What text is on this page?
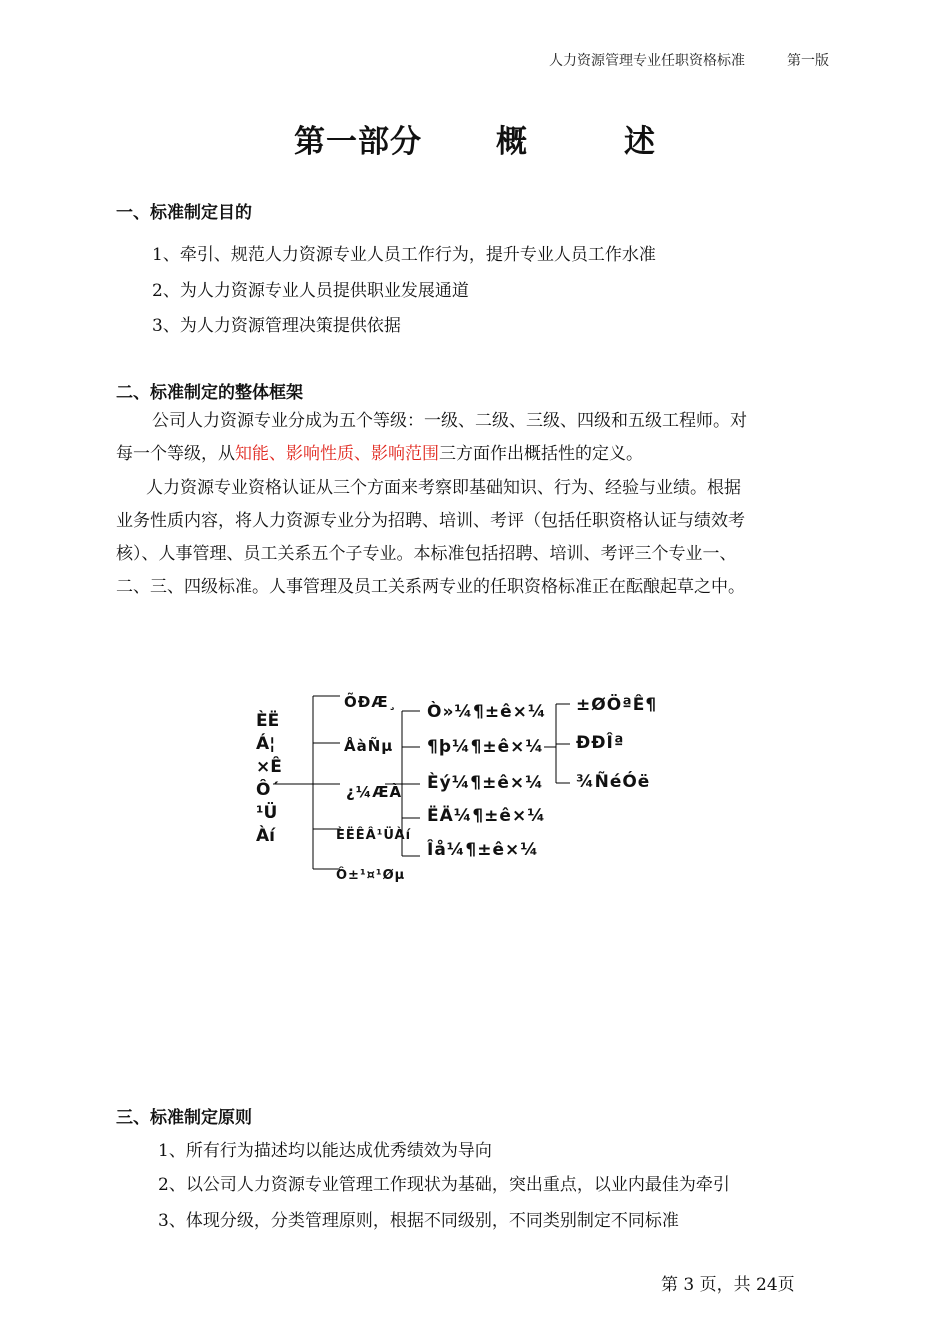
人力资源管理专业任职资格标准	第一版
第一部分 概	述
一、标准制定目的
1、牵引、规范人力资源专业人员工作行为，提升专业人员工作水准
2、为人力资源专业人员提供职业发展通道
3、为人力资源管理决策提供依据
二、标准制定的整体框架
公司人力资源专业分成为五个等级：一级、二级、三级、四级和五级工程师。对
每一个等级，从知能、影响性质、影响范围三方面作出概括性的定义。
人力资源专业资格认证从三个方面来考察即基础知识、行为、经验与业绩。根据
业务性质内容，将人力资源专业分为招聘、培训、考评（包括任职资格认证与绩效考
核）、人事管理、员工关系五个子专业。本标准包括招聘、培训、考评三个专业一、
二、三、四级标准。人事管理及员工关系两专业的任职资格标准正在酝酿起草之中。
ÈË
Á¦
×Ê
Ô´
¹Ü
Àí
ÕÐÆ¸
ÅàÑµ
¿¼ÆÀ
ÈËÊÂ¹ÜÀí
Ô±¹¤¹Øµ
Ò»¼¶±ê×¼
¶þ¼¶±ê×¼
Èý¼¶±ê×¼
ËÄ¼¶±ê×¼
Îå¼¶±ê×¼
±ØÖªÊ¶
ÐÐÎª
¾ÑéÓë
三、标准制定原则
1、所有行为描述均以能达成优秀绩效为导向
2、以公司人力资源专业管理工作现状为基础，突出重点，以业内最佳为牵引
3、体现分级，分类管理原则，根据不同级别，不同类别制定不同标准
第 3 页，共 24页
